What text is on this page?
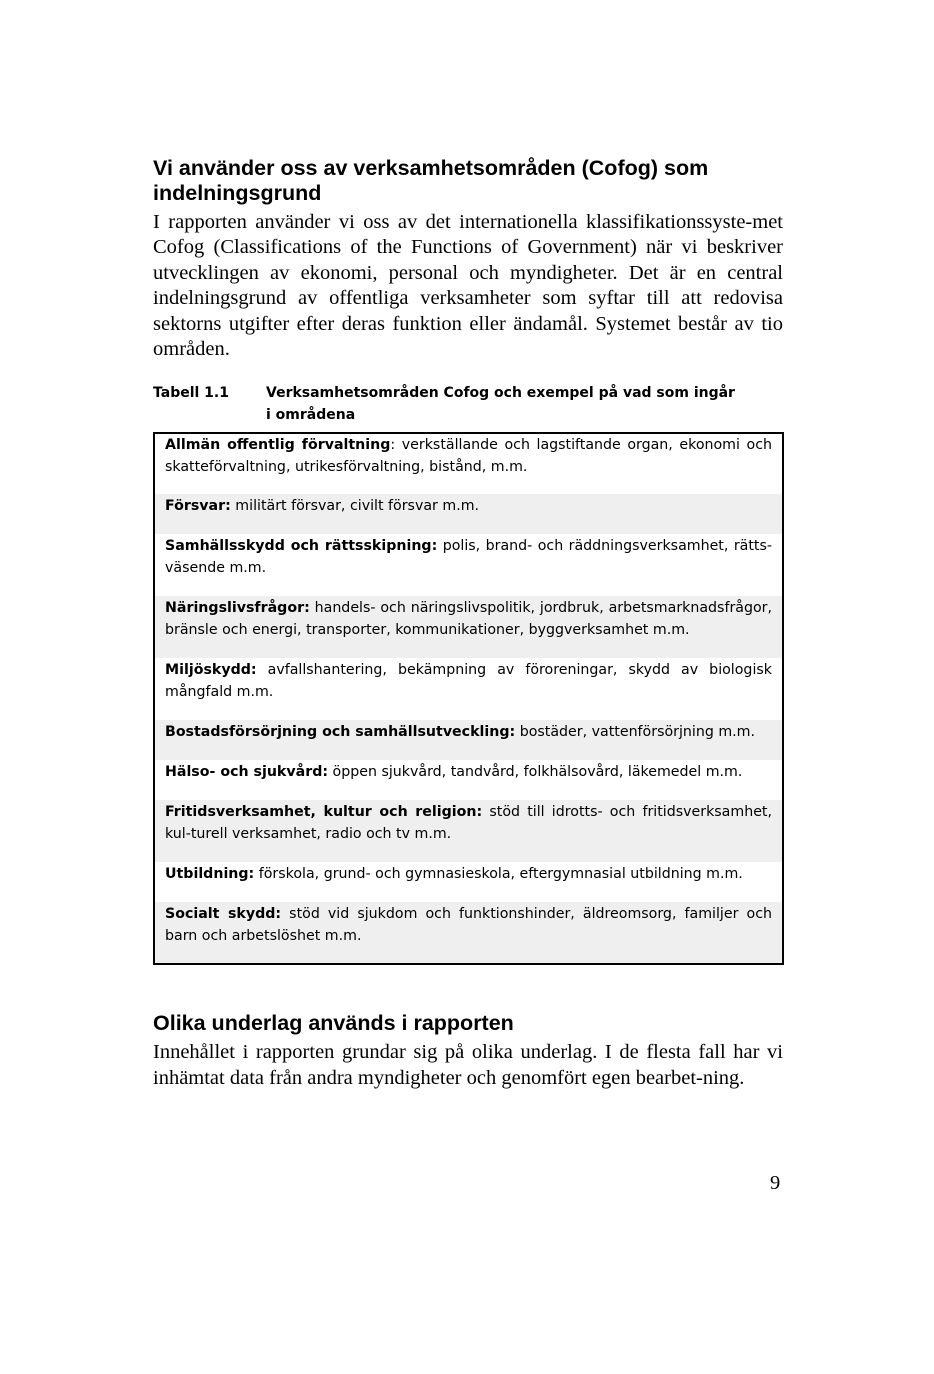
Vi använder oss av verksamhetsområden (Cofog) som indelningsgrund

I rapporten använder vi oss av det internationella klassifikationssyste-met Cofog (Classifications of the Functions of Government) när vi beskriver utvecklingen av ekonomi, personal och myndigheter. Det är en central indelningsgrund av offentliga verksamheter som syftar till att redovisa sektorns utgifter efter deras funktion eller ändamål. Systemet består av tio områden.

Tabell 1.1	Verksamhetsområden Cofog och exempel på vad som ingår i områdena
Allmän offentlig förvaltning: verkställande och lagstiftande organ, ekonomi och skatteförvaltning, utrikesförvaltning, bistånd, m.m.
Försvar: militärt försvar, civilt försvar m.m.
Samhällsskydd och rättsskipning: polis, brand- och räddningsverksamhet, rätts-väsende m.m.
Näringslivsfrågor: handels- och näringslivspolitik, jordbruk, arbetsmarknadsfrågor, bränsle och energi, transporter, kommunikationer, byggverksamhet m.m.
Miljöskydd: avfallshantering, bekämpning av föroreningar, skydd av biologisk mångfald m.m.
Bostadsförsörjning och samhällsutveckling: bostäder, vattenförsörjning m.m.
Hälso- och sjukvård: öppen sjukvård, tandvård, folkhälsovård, läkemedel m.m.
Fritidsverksamhet, kultur och religion: stöd till idrotts- och fritidsverksamhet, kul-turell verksamhet, radio och tv m.m.
Utbildning: förskola, grund- och gymnasieskola, eftergymnasial utbildning m.m.
Socialt skydd: stöd vid sjukdom och funktionshinder, äldreomsorg, familjer och barn och arbetslöshet m.m.
Olika underlag används i rapporten

Innehållet i rapporten grundar sig på olika underlag. I de flesta fall har vi inhämtat data från andra myndigheter och genomfört egen bearbet-ning.

9
